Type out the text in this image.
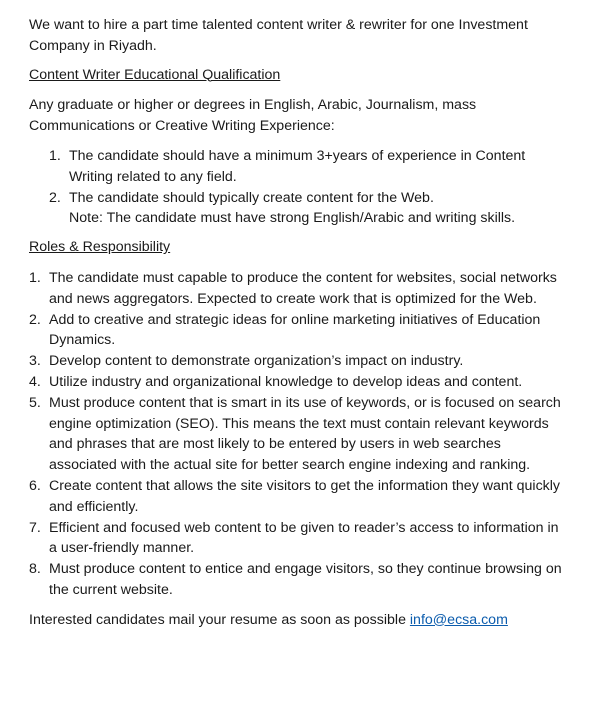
We want to hire a part time talented content writer & rewriter for one Investment Company in Riyadh.

Content Writer Educational Qualification

Any graduate or higher or degrees in English, Arabic, Journalism, mass Communications or Creative Writing Experience:

1. The candidate should have a minimum 3+years of experience in Content Writing related to any field.
2. The candidate should typically create content for the Web.
Note: The candidate must have strong English/Arabic and writing skills.

Roles & Responsibility

1. The candidate must capable to produce the content for websites, social networks and news aggregators. Expected to create work that is optimized for the Web.
2. Add to creative and strategic ideas for online marketing initiatives of Education Dynamics.
3. Develop content to demonstrate organization’s impact on industry.
4. Utilize industry and organizational knowledge to develop ideas and content.
5. Must produce content that is smart in its use of keywords, or is focused on search engine optimization (SEO). This means the text must contain relevant keywords and phrases that are most likely to be entered by users in web searches associated with the actual site for better search engine indexing and ranking.
6. Create content that allows the site visitors to get the information they want quickly and efficiently.
7. Efficient and focused web content to be given to reader’s access to information in a user-friendly manner.
8. Must produce content to entice and engage visitors, so they continue browsing on the current website.

Interested candidates mail your resume as soon as possible info@ecsa.com
